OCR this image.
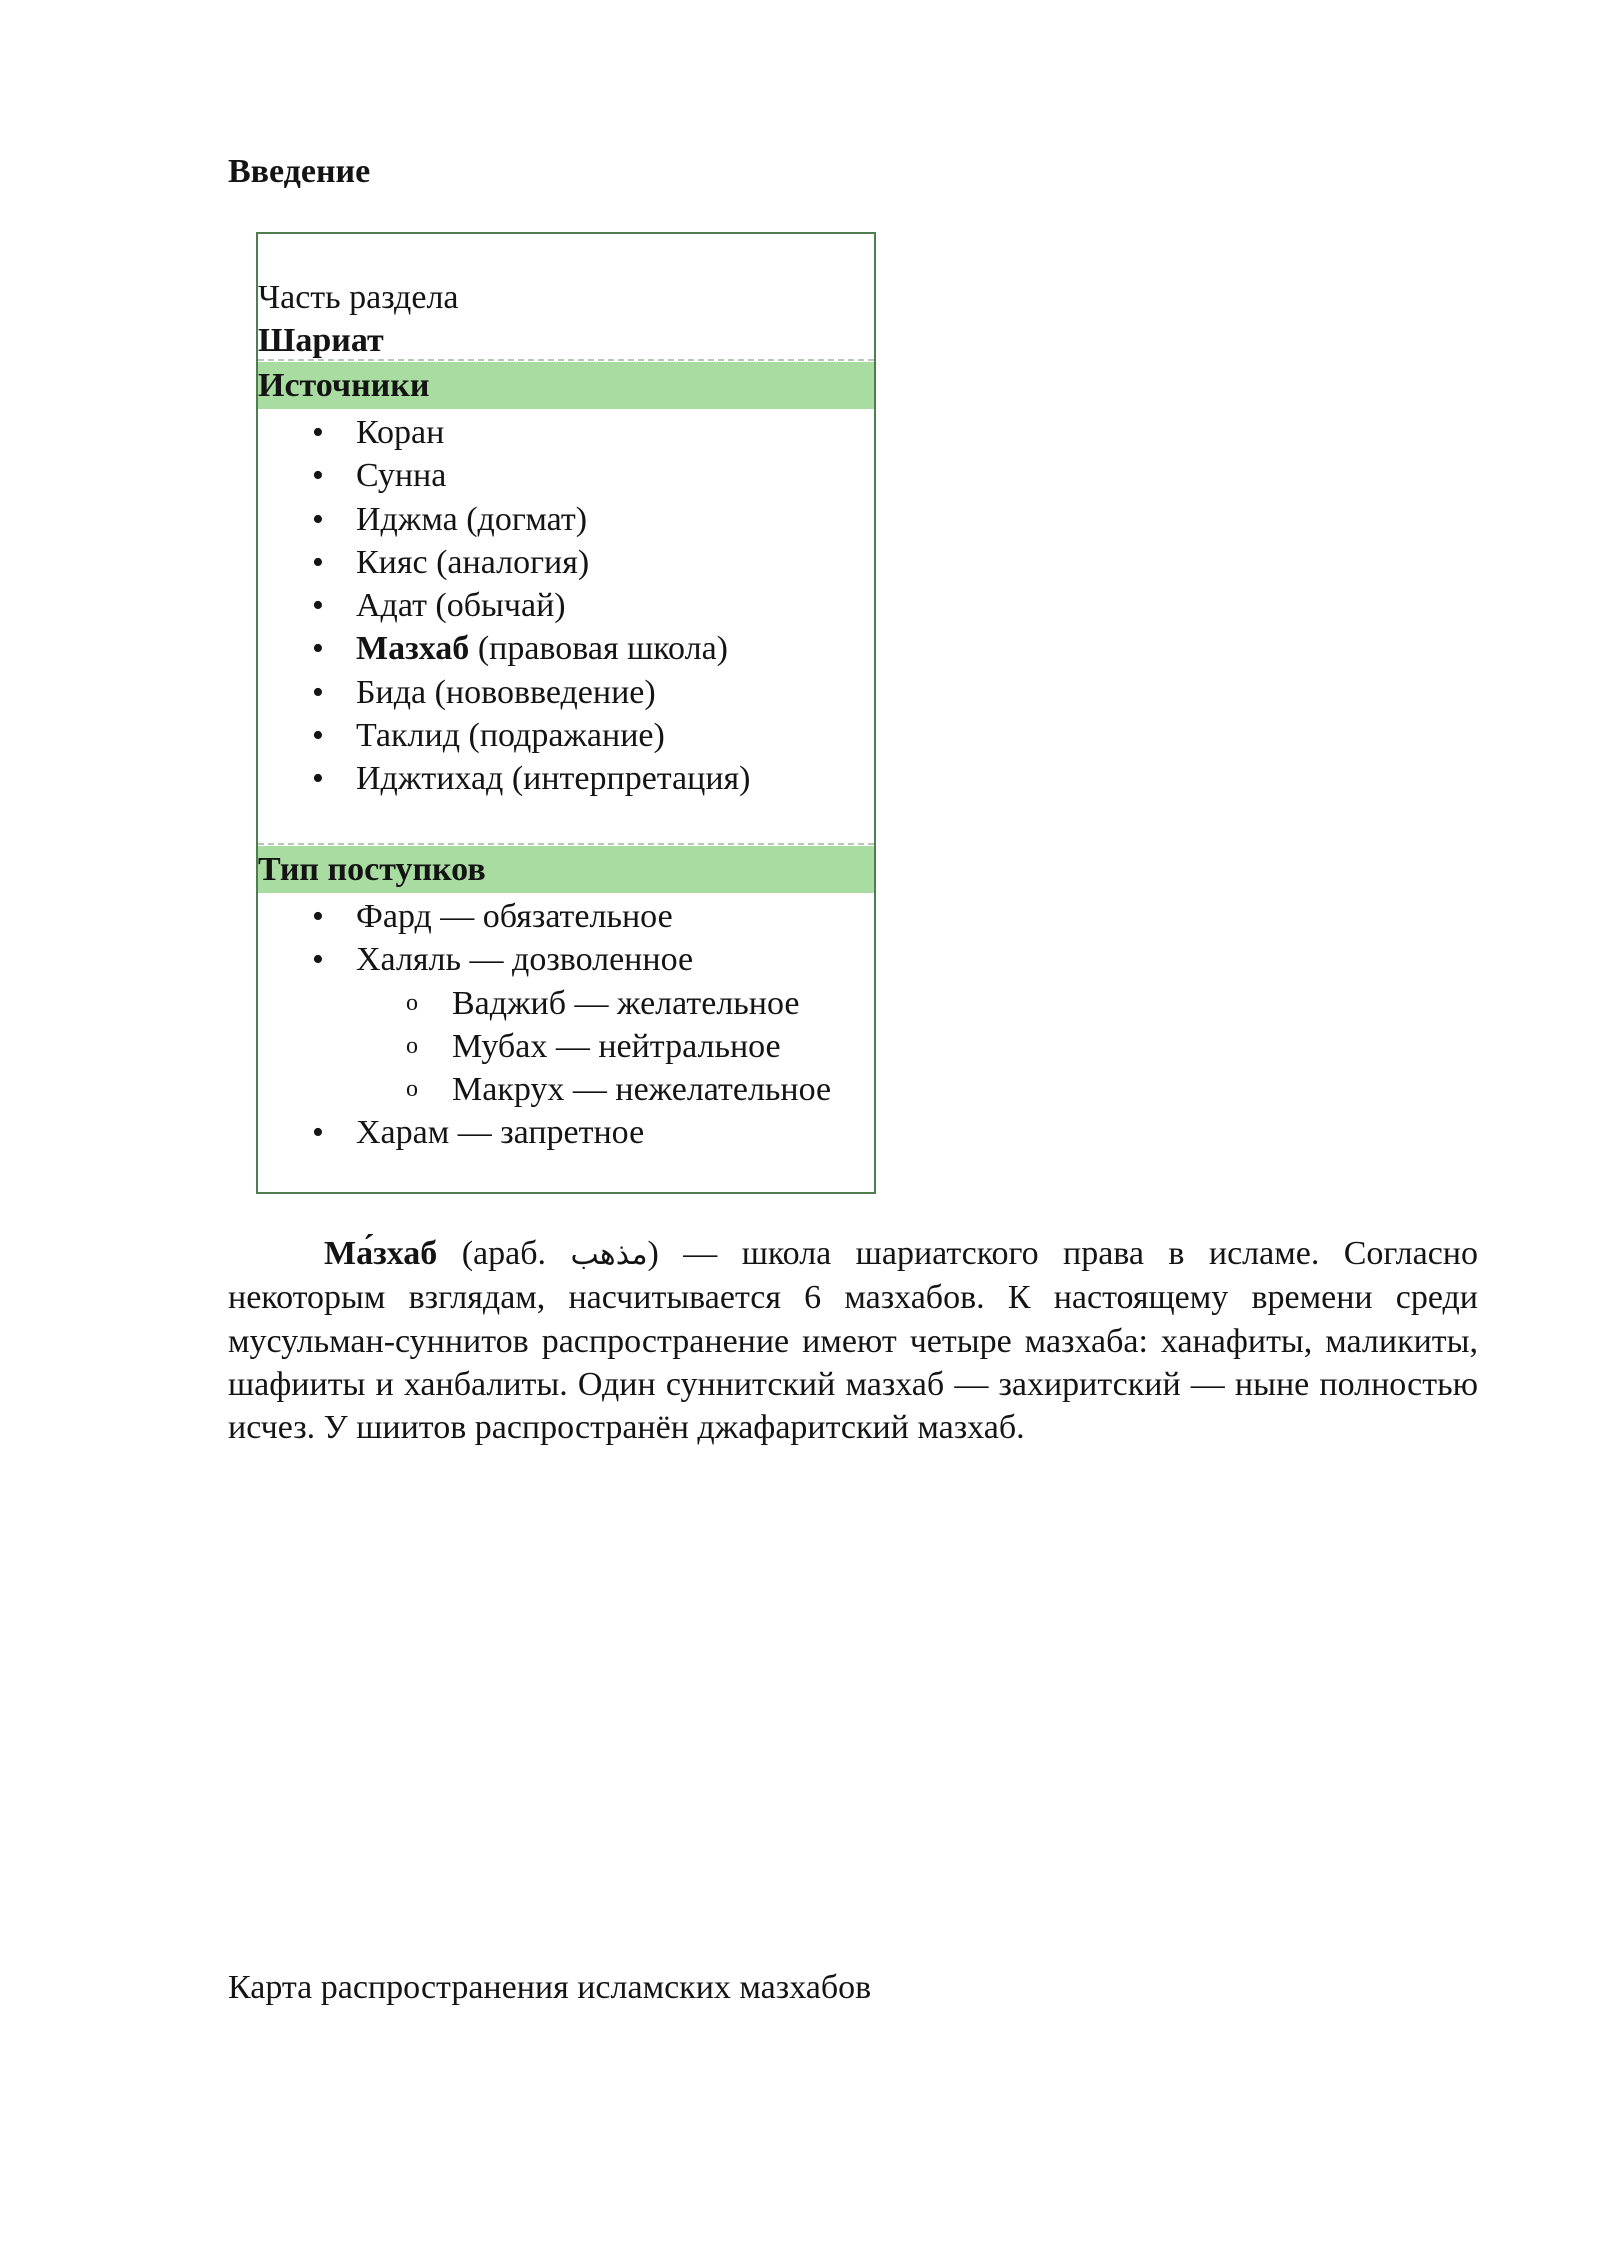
Введение
Часть раздела
Шариат
Источники
• Коран
• Сунна
• Иджма (догмат)
• Кияс (аналогия)
• Адат (обычай)
• Мазхаб (правовая школа)
• Бида (нововведение)
• Таклид (подражание)
• Иджтихад (интерпретация)
Тип поступков
• Фард — обязательное
• Халяль — дозволенное
o Ваджиб — желательное
o Мубах — нейтральное
o Макрух — нежелательное
• Харам — запретное

Ма́зхаб (араб. مذهب) — школа шариатского права в исламе. Согласно некоторым взглядам, насчитывается 6 мазхабов. К настоящему времени среди мусульман-суннитов распространение имеют четыре мазхаба: ханафиты, маликиты, шафииты и ханбалиты. Один суннитский мазхаб — захиритский — ныне полностью исчез. У шиитов распространён джафаритский мазхаб.

Карта распространения исламских мазхабов
